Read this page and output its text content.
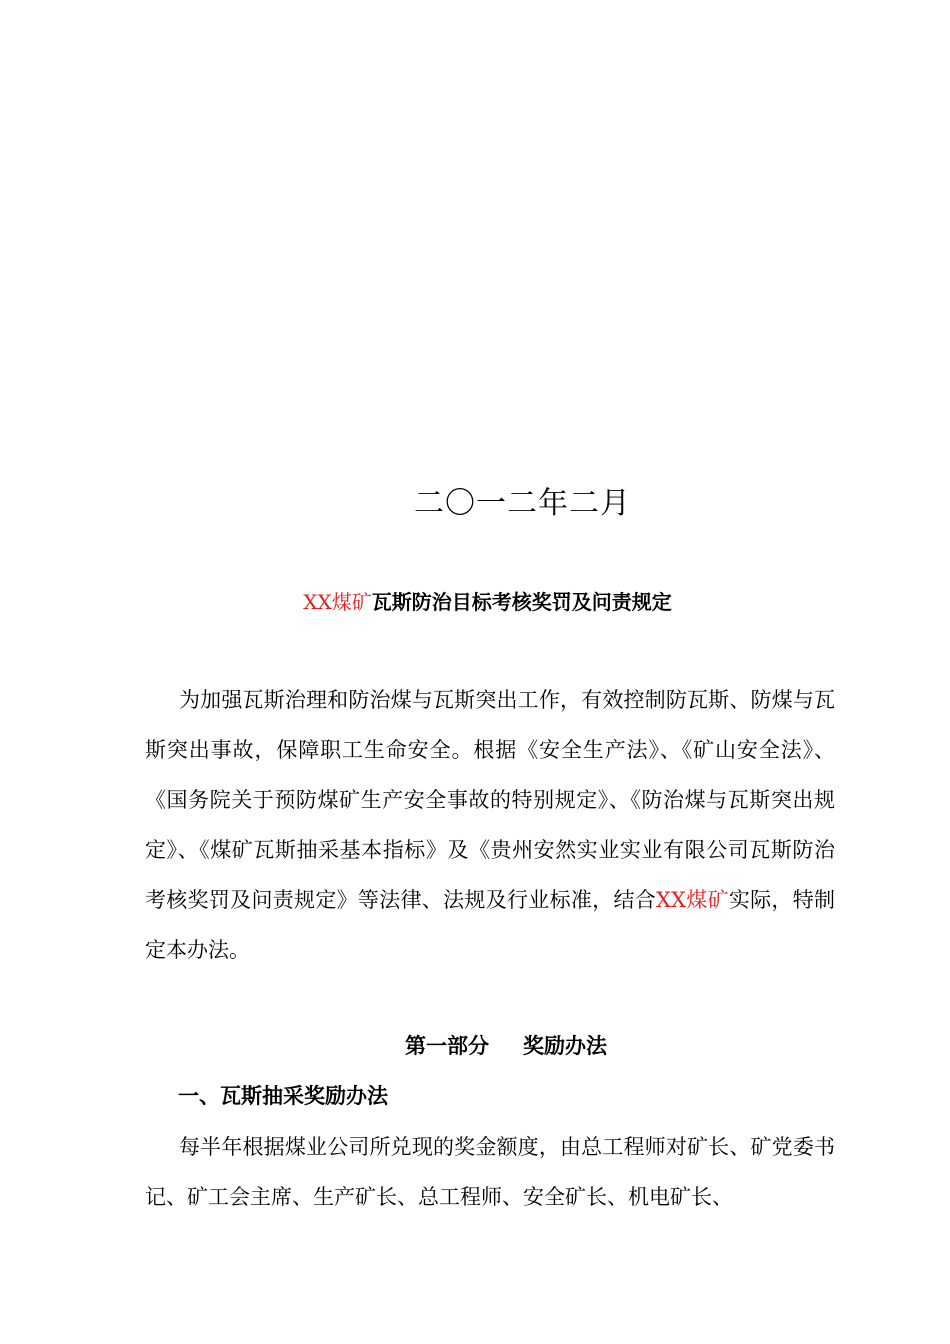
二〇一二年二月
XX煤矿瓦斯防治目标考核奖罚及问责规定

为加强瓦斯治理和防治煤与瓦斯突出工作，有效控制防瓦斯、防煤与瓦斯突出事故，保障职工生命安全。根据《安全生产法》、《矿山安全法》、《国务院关于预防煤矿生产安全事故的特别规定》、《防治煤与瓦斯突出规定》、《煤矿瓦斯抽采基本指标》及《贵州安然实业实业有限公司瓦斯防治考核奖罚及问责规定》等法律、法规及行业标准，结合XX煤矿实际，特制定本办法。

第一部分 奖励办法
一、瓦斯抽采奖励办法

每半年根据煤业公司所兑现的奖金额度，由总工程师对矿长、矿党委书记、矿工会主席、生产矿长、总工程师、安全矿长、机电矿长、
